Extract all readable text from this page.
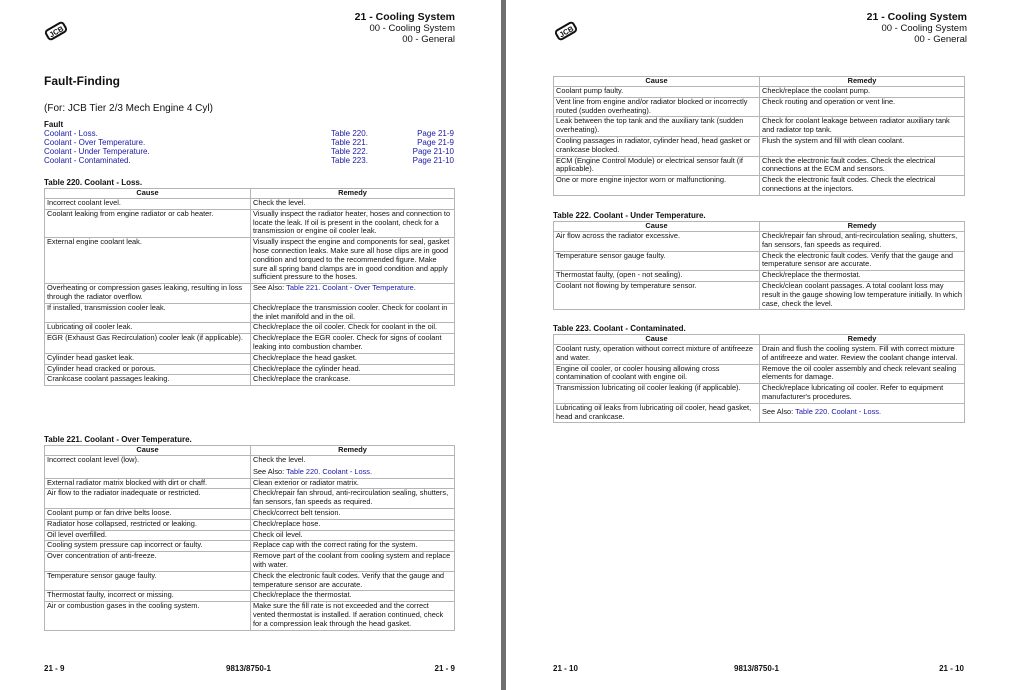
JCB
21 - Cooling System
00 - Cooling System
00 - General
Fault-Finding
(For: JCB Tier 2/3 Mech Engine 4 Cyl)
Fault
Coolant - Loss.	Table 220.	Page 21-9
Coolant - Over Temperature.	Table 221.	Page 21-9
Coolant - Under Temperature.	Table 222.	Page 21-10
Coolant - Contaminated.	Table 223.	Page 21-10
Table 220. Coolant - Loss.
Cause	Remedy
Incorrect coolant level.	Check the level.
Coolant leaking from engine radiator or cab heater.	Visually inspect the radiator heater, hoses and connection to locate the leak. If oil is present in the coolant, check for a transmission or engine oil cooler leak.
External engine coolant leak.	Visually inspect the engine and components for seal, gasket hose connection leaks. Make sure all hose clips are in good condition and torqued to the recommended figure. Make sure all spring band clamps are in good condition and apply sufficient pressure to the hoses.
Overheating or compression gases leaking, resulting in loss through the radiator overflow.	See Also: Table 221. Coolant - Over Temperature.
If installed, transmission cooler leak.	Check/replace the transmission cooler. Check for coolant in the inlet manifold and in the oil.
Lubricating oil cooler leak.	Check/replace the oil cooler. Check for coolant in the oil.
EGR (Exhaust Gas Recirculation) cooler leak (if applicable).	Check/replace the EGR cooler. Check for signs of coolant leaking into combustion chamber.
Cylinder head gasket leak.	Check/replace the head gasket.
Cylinder head cracked or porous.	Check/replace the cylinder head.
Crankcase coolant passages leaking.	Check/replace the crankcase.
Table 221. Coolant - Over Temperature.
Cause	Remedy
Incorrect coolant level (low).	Check the level.
See Also: Table 220. Coolant - Loss.

External radiator matrix blocked with dirt or chaff.	Clean exterior or radiator matrix.
Air flow to the radiator inadequate or restricted.	Check/repair fan shroud, anti-recirculation sealing, shutters, fan sensors, fan speeds as required.
Coolant pump or fan drive belts loose.	Check/correct belt tension.
Radiator hose collapsed, restricted or leaking.	Check/replace hose.
Oil level overfilled.	Check oil level.
Cooling system pressure cap incorrect or faulty.	Replace cap with the correct rating for the system.
Over concentration of anti-freeze.	Remove part of the coolant from cooling system and replace with water.
Temperature sensor gauge faulty.	Check the electronic fault codes. Verify that the gauge and temperature sensor are accurate.
Thermostat faulty, incorrect or missing.	Check/replace the thermostat.
Air or combustion gases in the cooling system.	Make sure the fill rate is not exceeded and the correct vented thermostat is installed. If aeration continued, check for a compression leak through the head gasket.
21 - 9	9813/8750-1	21 - 9
JCB
21 - Cooling System
00 - Cooling System
00 - General
Cause	Remedy
Coolant pump faulty.	Check/replace the coolant pump.
Vent line from engine and/or radiator blocked or incorrectly routed (sudden overheating).	Check routing and operation or vent line.
Leak between the top tank and the auxiliary tank (sudden overheating).	Check for coolant leakage between radiator auxiliary tank and radiator top tank.
Cooling passages in radiator, cylinder head, head gasket or crankcase blocked.	Flush the system and fill with clean coolant.
ECM (Engine Control Module) or electrical sensor fault (if applicable).	Check the electronic fault codes. Check the electrical connections at the ECM and sensors.
One or more engine injector worn or malfunctioning.	Check the electronic fault codes. Check the electrical connections at the injectors.
Table 222. Coolant - Under Temperature.
Cause	Remedy
Air flow across the radiator excessive.	Check/repair fan shroud, anti-recirculation sealing, shutters, fan sensors, fan speeds as required.
Temperature sensor gauge faulty.	Check the electronic fault codes. Verify that the gauge and temperature sensor are accurate.
Thermostat faulty, (open - not sealing).	Check/replace the thermostat.
Coolant not flowing by temperature sensor.	Check/clean coolant passages. A total coolant loss may result in the gauge showing low temperature initially. In which case, check the level.
Table 223. Coolant - Contaminated.
Cause	Remedy
Coolant rusty, operation without correct mixture of antifreeze and water.	Drain and flush the cooling system. Fill with correct mixture of antifreeze and water. Review the coolant change interval.
Engine oil cooler, or cooler housing allowing cross contamination of coolant with engine oil.	Remove the oil cooler assembly and check relevant sealing elements for damage.
Transmission lubricating oil cooler leaking (if applicable).	Check/replace lubricating oil cooler. Refer to equipment manufacturer's procedures.
Lubricating oil leaks from lubricating oil cooler, head gasket, head and crankcase.	See Also: Table 220. Coolant - Loss.
21 - 10	9813/8750-1	21 - 10
